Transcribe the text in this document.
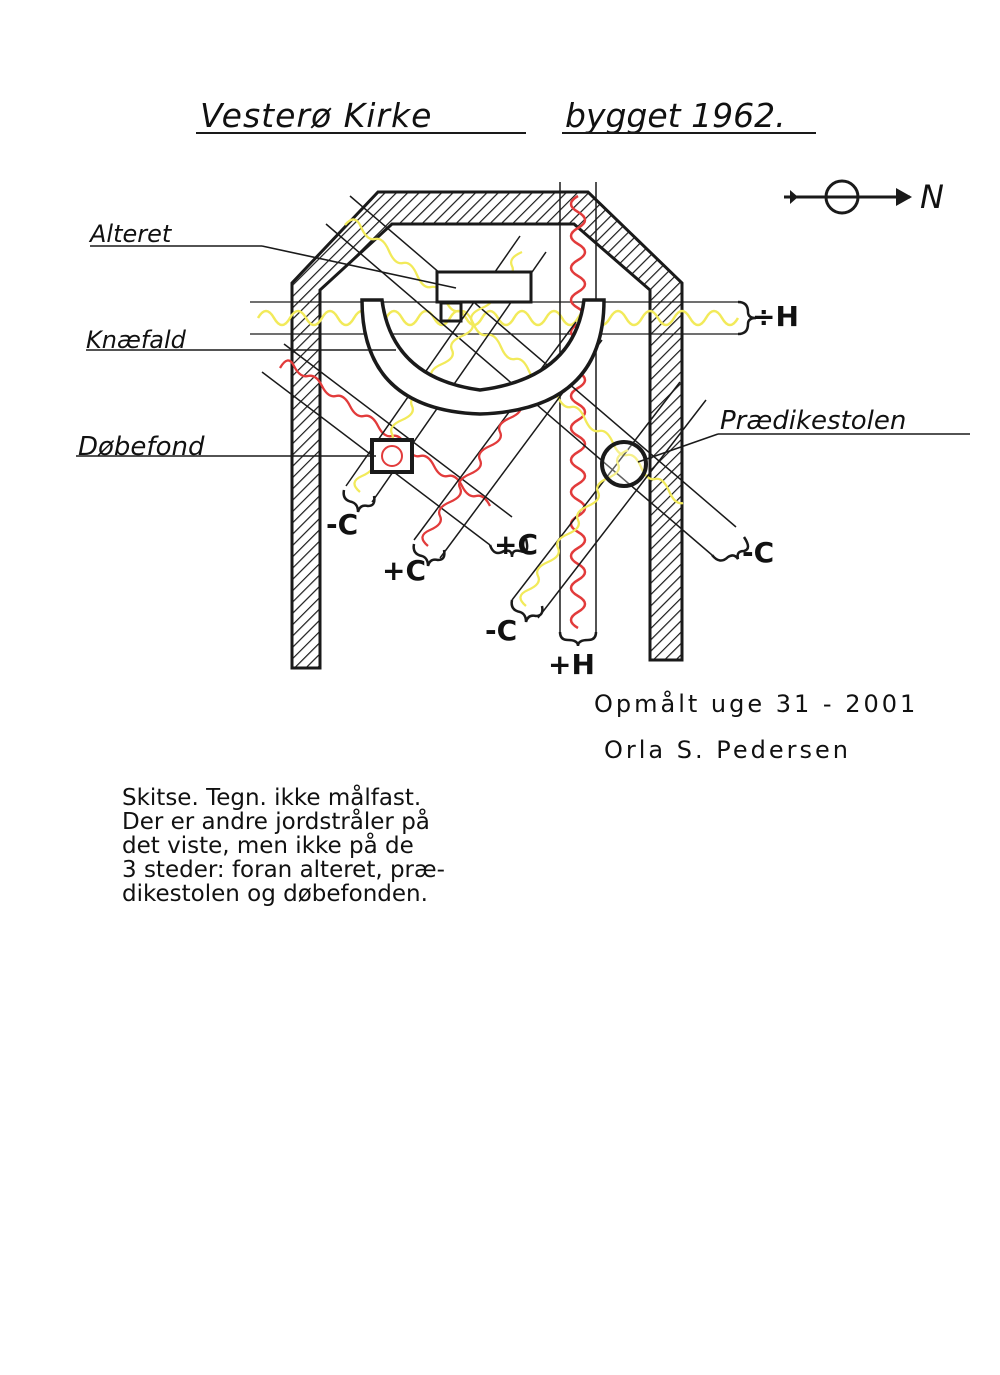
Vesterø Kirke	bygget 1962.
Alteret
Knæfald
Døbefond
Prædikestolen
÷H
-C
+C
+C	-C
-C
+H
N
Opmålt uge 31 - 2001
Orla S. Pedersen
Skitse. Tegn. ikke målfast.
Der er andre jordstråler på
det viste, men ikke på de
3 steder: foran alteret, præ-
dikestolen og døbefonden.
